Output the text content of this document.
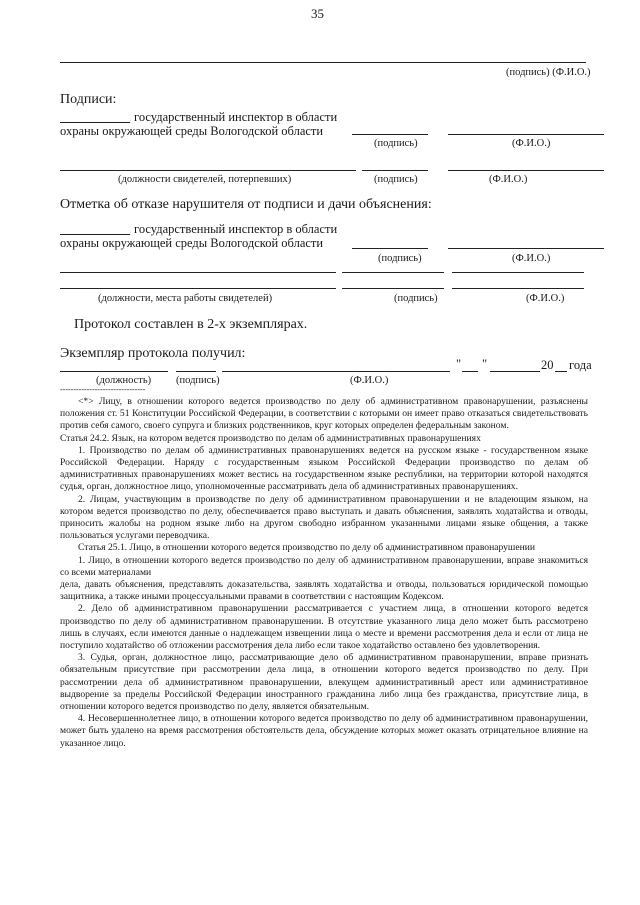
35
(подпись) (Ф.И.О.)
Подписи:
государственный инспектор в области
охраны окружающей среды Вологодской области
(подпись)	(Ф.И.О.)
(должности свидетелей, потерпевших)	(подпись)	(Ф.И.О.)
Отметка об отказе нарушителя от подписи и дачи объяснения:
государственный инспектор в области
охраны окружающей среды Вологодской области
(подпись)	(Ф.И.О.)
(должности, места работы свидетелей)	(подпись)	(Ф.И.О.)
Протокол составлен в 2-х экземплярах.
Экземпляр протокола получил:
" "	20 года
(должность) (подпись)	(Ф.И.О.)
--------------------------------

<*> Лицу, в отношении которого ведется производство по делу об административном правонарушении, разъяснены положения ст. 51 Конституции Российской Федерации, в соответствии с которыми он имеет право отказаться свидетельствовать против себя самого, своего супруга и близких родственников, круг которых определен федеральным законом.

Статья 24.2. Язык, на котором ведется производство по делам об административных правонарушениях

1. Производство по делам об административных правонарушениях ведется на русском языке - государственном языке Российской Федерации. Наряду с государственным языком Российской Федерации производство по делам об административных правонарушениях может вестись на государственном языке республики, на территории которой находятся судья, орган, должностное лицо, уполномоченные рассматривать дела об административных правонарушениях.

2. Лицам, участвующим в производстве по делу об административном правонарушении и не владеющим языком, на котором ведется производство по делу, обеспечивается право выступать и давать объяснения, заявлять ходатайства и отводы, приносить жалобы на родном языке либо на другом свободно избранном указанными лицами языке общения, а также пользоваться услугами переводчика.

Статья 25.1. Лицо, в отношении которого ведется производство по делу об административном правонарушении

1. Лицо, в отношении которого ведется производство по делу об административном правонарушении, вправе знакомиться со всеми материалами

дела, давать объяснения, представлять доказательства, заявлять ходатайства и отводы, пользоваться юридической помощью защитника, а также иными процессуальными правами в соответствии с настоящим Кодексом.

2. Дело об административном правонарушении рассматривается с участием лица, в отношении которого ведется производство по делу об административном правонарушении. В отсутствие указанного лица дело может быть рассмотрено лишь в случаях, если имеются данные о надлежащем извещении лица о месте и времени рассмотрения дела и если от лица не поступило ходатайство об отложении рассмотрения дела либо если такое ходатайство оставлено без удовлетворения.

3. Судья, орган, должностное лицо, рассматривающие дело об административном правонарушении, вправе признать обязательным присутствие при рассмотрении дела лица, в отношении которого ведется производство по делу. При рассмотрении дела об административном правонарушении, влекущем административный арест или административное выдворение за пределы Российской Федерации иностранного гражданина либо лица без гражданства, присутствие лица, в отношении которого ведется производство по делу, является обязательным.

4. Несовершеннолетнее лицо, в отношении которого ведется производство по делу об административном правонарушении, может быть удалено на время рассмотрения обстоятельств дела, обсуждение которых может оказать отрицательное влияние на указанное лицо.
